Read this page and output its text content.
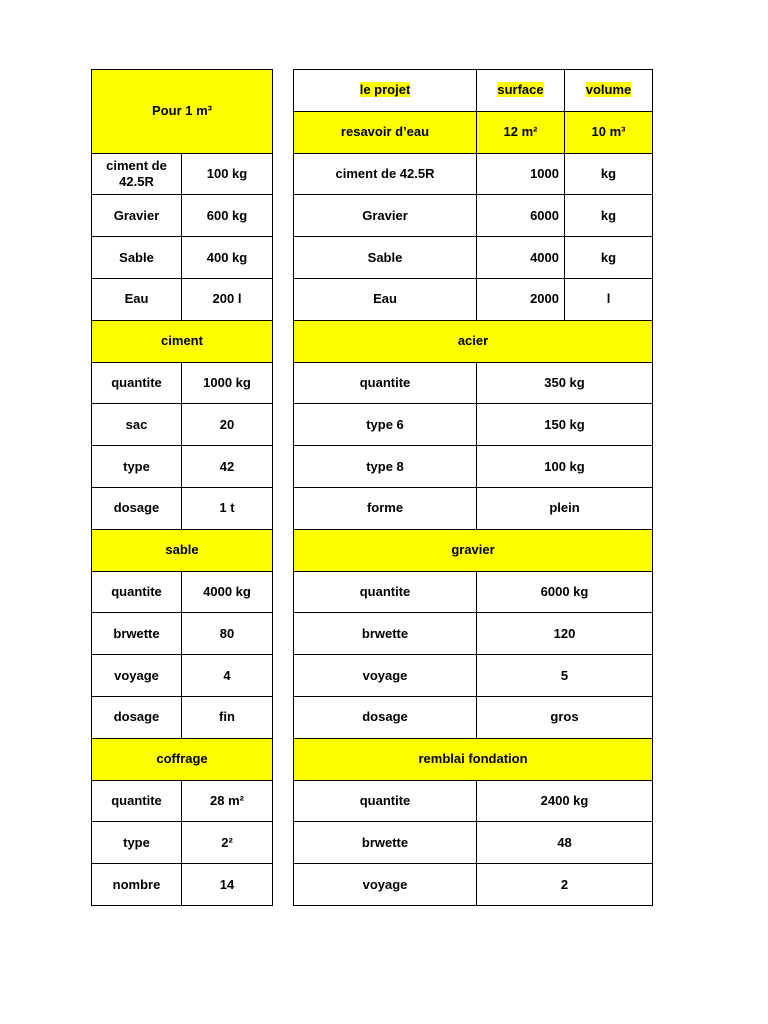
Pour 1 m³	
ciment de 42.5R	100 kg
Gravier	600 kg
Sable	400 kg
Eau	200 l
ciment	
quantite	1000 kg
sac	20
type	42
dosage	1 t
sable	
quantite	4000 kg
brwette	80
voyage	4
dosage	fin
coffrage	
quantite	28 m²
type	2²
nombre	14
le projet	surface	volume
resavoir d’eau	12 m²	10 m³
ciment de 42.5R	1000	kg
Gravier	6000	kg
Sable	4000	kg
Eau	2000	l
acier		
quantite	350 kg	
type 6	150 kg	
type 8	100 kg	
forme	plein	
gravier		
quantite	6000 kg	
brwette	120	
voyage	5	
dosage	gros	
remblai fondation		
quantite	2400 kg	
brwette	48	
voyage	2	
